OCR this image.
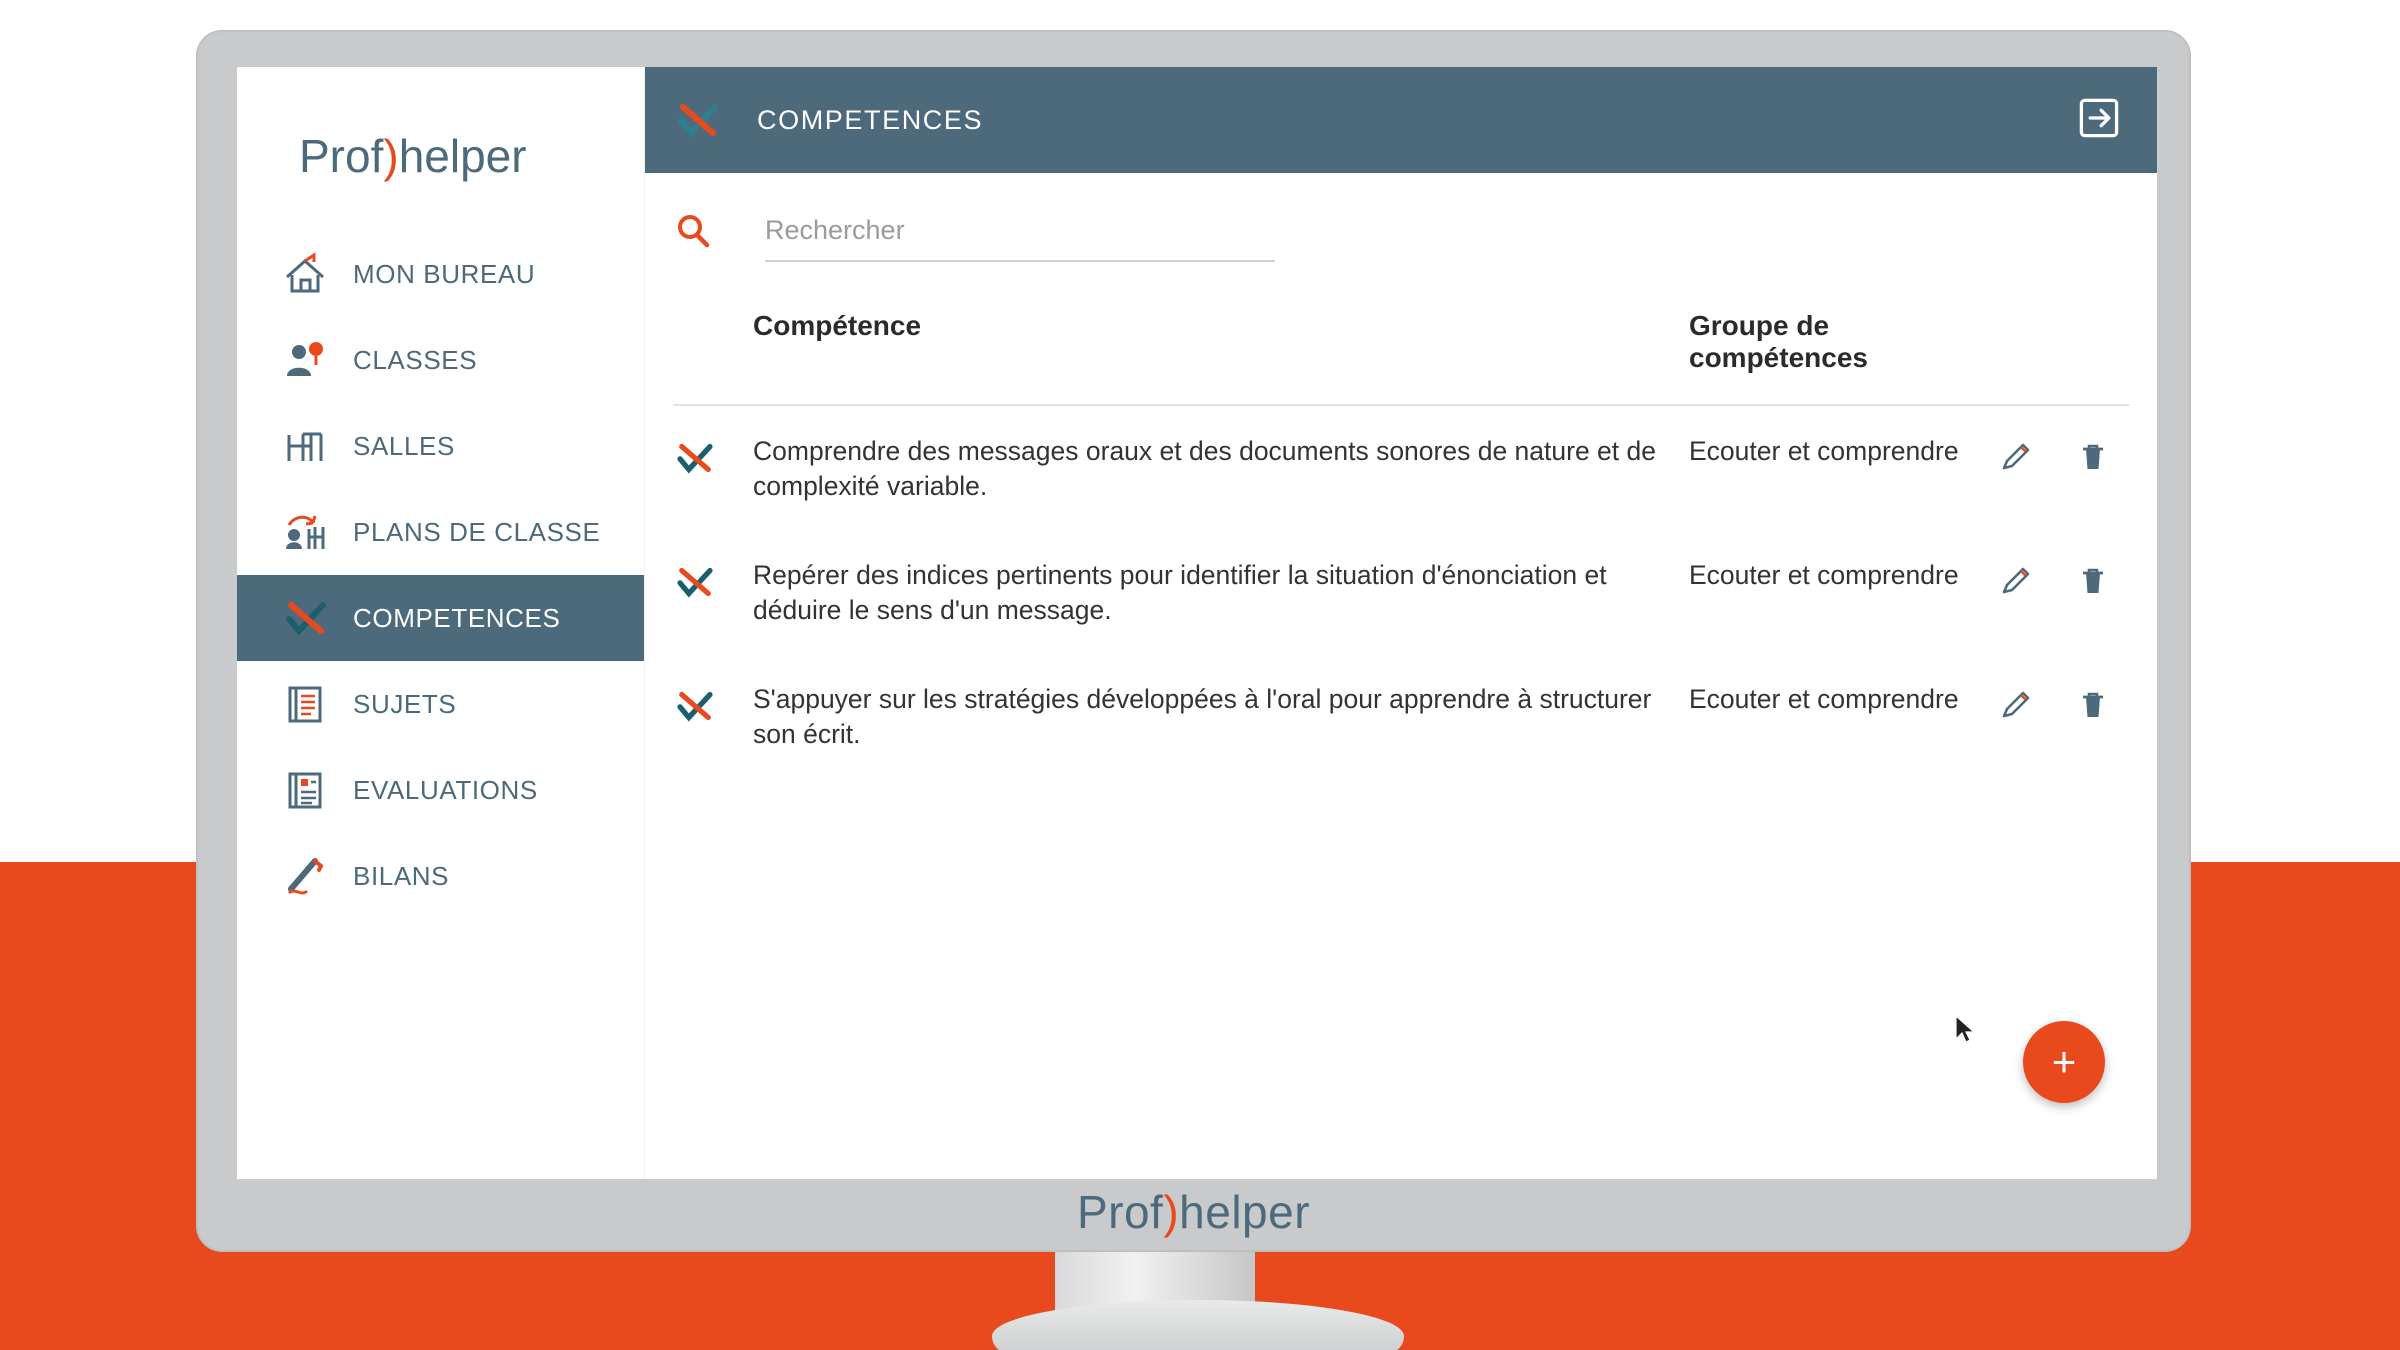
Prof)helper
MON BUREAU
CLASSES
SALLES
PLANS DE CLASSE
COMPETENCES
SUJETS
EVALUATIONS
BILANS
COMPETENCES
Rechercher
Compétence		Groupe de compétences	
	Comprendre des messages oraux et des documents sonores de nature et de complexité variable.	Ecouter et comprendre	
	Repérer des indices pertinents pour identifier la situation d'énonciation et déduire le sens d'un message.	Ecouter et comprendre	
	S'appuyer sur les stratégies développées à l'oral pour apprendre à structurer son écrit.	Ecouter et comprendre	
+
Prof)helper
